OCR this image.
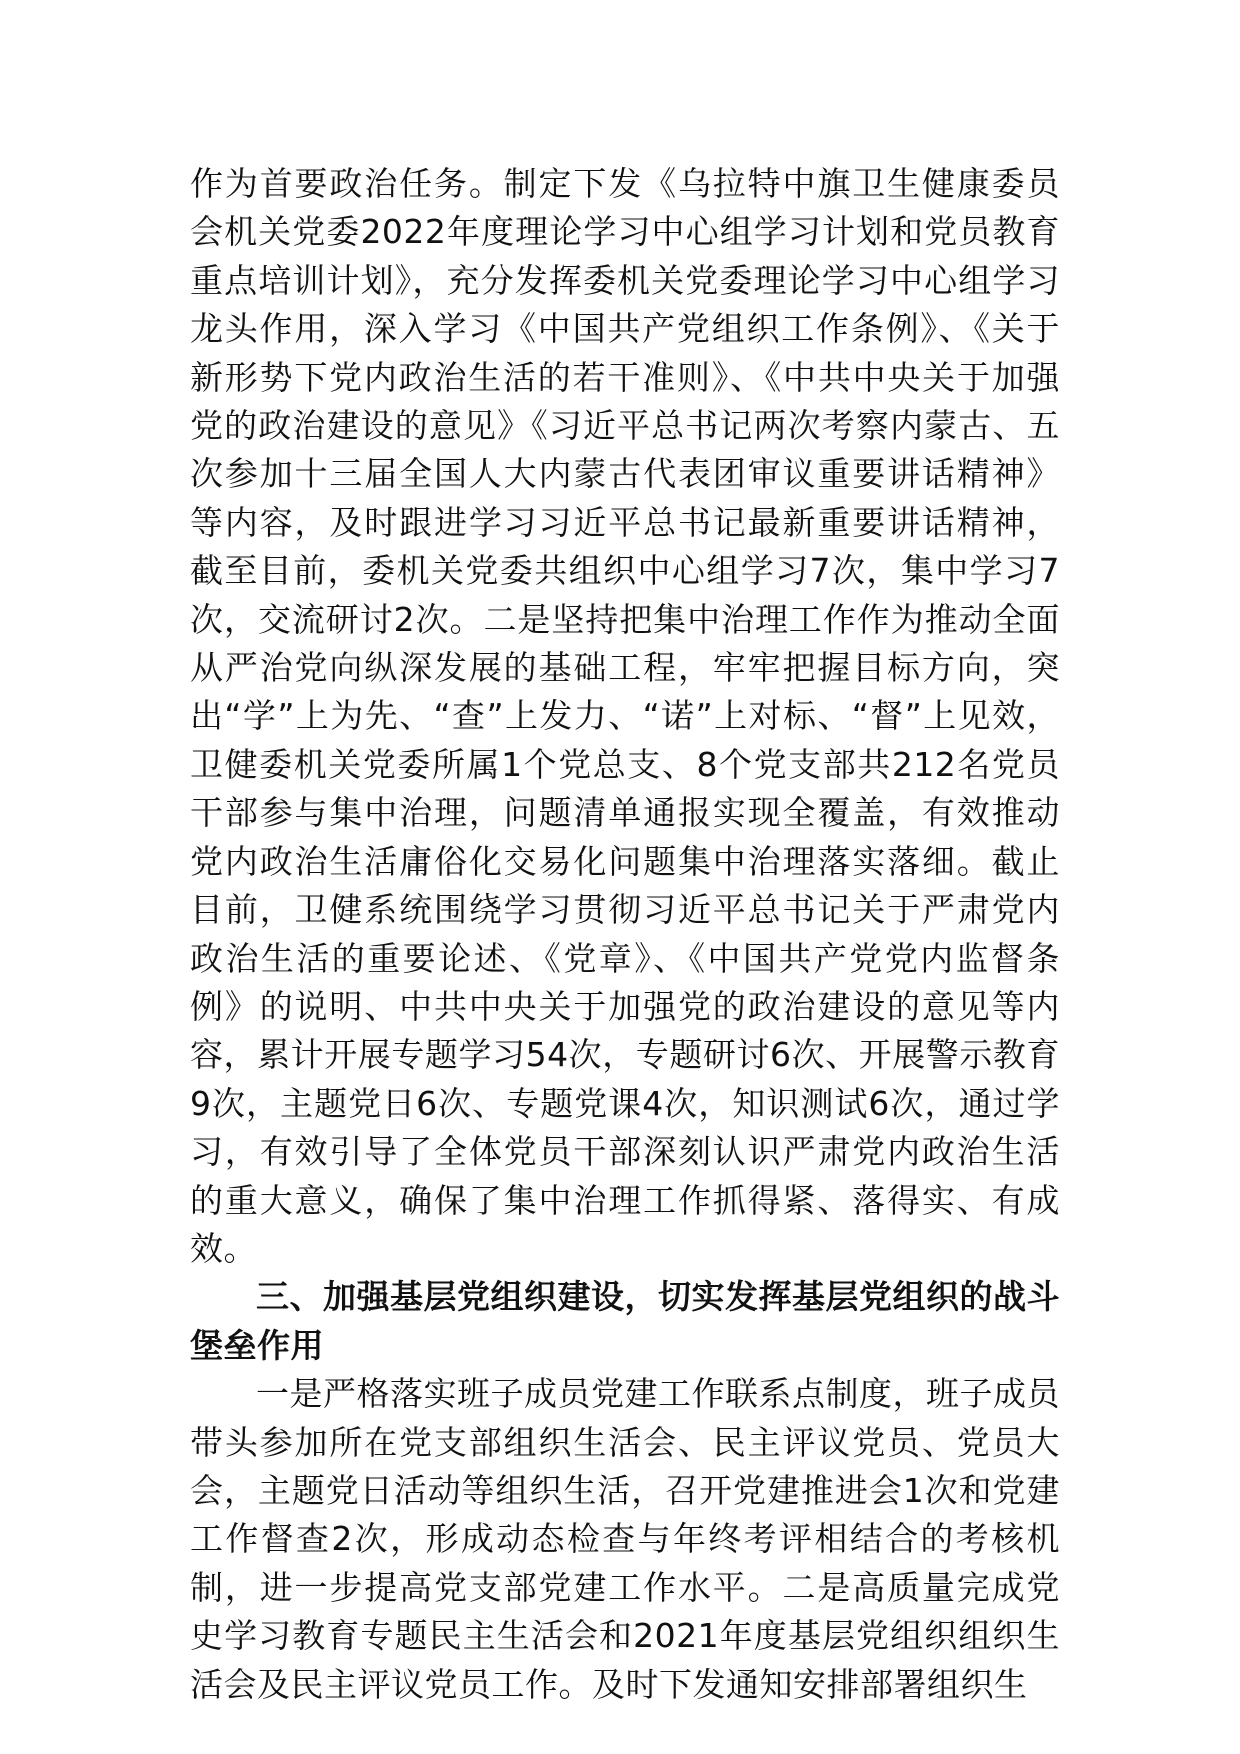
作为首要政治任务。制定下发《乌拉特中旗卫生健康委员会机关党委2022年度理论学习中心组学习计划和党员教育重点培训计划》，充分发挥委机关党委理论学习中心组学习龙头作用，深入学习《中国共产党组织工作条例》、《关于新形势下党内政治生活的若干准则》、《中共中央关于加强党的政治建设的意见》《习近平总书记两次考察内蒙古、五次参加十三届全国人大内蒙古代表团审议重要讲话精神》等内容，及时跟进学习习近平总书记最新重要讲话精神，截至目前，委机关党委共组织中心组学习7次，集中学习7次，交流研讨2次。二是坚持把集中治理工作作为推动全面从严治党向纵深发展的基础工程，牢牢把握目标方向，突出“学”上为先、“查”上发力、“诺”上对标、“督”上见效，卫健委机关党委所属1个党总支、8个党支部共212名党员干部参与集中治理，问题清单通报实现全覆盖，有效推动党内政治生活庸俗化交易化问题集中治理落实落细。截止目前，卫健系统围绕学习贯彻习近平总书记关于严肃党内政治生活的重要论述、《党章》、《中国共产党党内监督条例》的说明、中共中央关于加强党的政治建设的意见等内容，累计开展专题学习54次，专题研讨6次、开展警示教育9次，主题党日6次、专题党课4次，知识测试6次，通过学习，有效引导了全体党员干部深刻认识严肃党内政治生活的重大意义，确保了集中治理工作抓得紧、落得实、有成效。

三、加强基层党组织建设，切实发挥基层党组织的战斗堡垒作用

一是严格落实班子成员党建工作联系点制度，班子成员带头参加所在党支部组织生活会、民主评议党员、党员大会，主题党日活动等组织生活，召开党建推进会1次和党建工作督查2次，形成动态检查与年终考评相结合的考核机制，进一步提高党支部党建工作水平。二是高质量完成党史学习教育专题民主生活会和2021年度基层党组织组织生活会及民主评议党员工作。及时下发通知安排部署组织生
